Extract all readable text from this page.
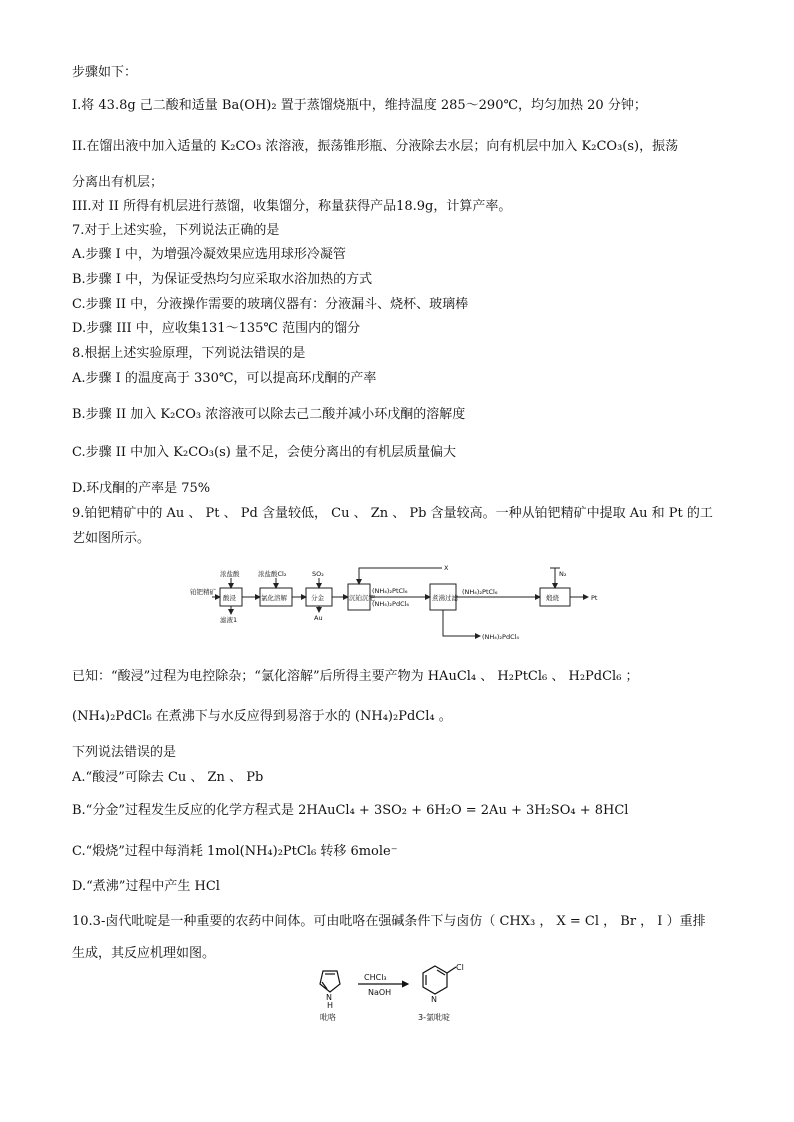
步骤如下：
I.将 43.8g 己二酸和适量 Ba(OH)₂ 置于蒸馏烧瓶中，维持温度 285～290℃，均匀加热 20 分钟；
II.在馏出液中加入适量的 K₂CO₃ 浓溶液，振荡锥形瓶、分液除去水层；向有机层中加入 K₂CO₃(s)，振荡
分离出有机层；
III.对 II 所得有机层进行蒸馏，收集馏分，称量获得产品18.9g，计算产率。
7.对于上述实验，下列说法正确的是
A.步骤 I 中，为增强冷凝效果应选用球形冷凝管
B.步骤 I 中，为保证受热均匀应采取水浴加热的方式
C.步骤 II 中，分液操作需要的玻璃仪器有：分液漏斗、烧杯、玻璃棒
D.步骤 III 中，应收集131～135℃ 范围内的馏分
8.根据上述实验原理，下列说法错误的是
A.步骤 I 的温度高于 330℃，可以提高环戊酮的产率
B.步骤 II 加入 K₂CO₃ 浓溶液可以除去己二酸并减小环戊酮的溶解度
C.步骤 II 中加入 K₂CO₃(s) 量不足，会使分离出的有机层质量偏大
D.环戊酮的产率是 75%
9.铂钯精矿中的 Au 、 Pt 、 Pd 含量较低， Cu 、 Zn 、 Pb 含量较高。一种从铂钯精矿中提取 Au 和 Pt 的工
艺如图所示。
铂钯精矿
浓盐酸
酸浸
滤液1
浓盐酸Cl₂
氯化溶解
SO₂
分金
Au
X
沉铂沉钯
(NH₄)₂PtCl₆
(NH₄)₂PdCl₆
煮沸过滤
(NH₄)₂PtCl₆
N₂
煅烧	Pt
(NH₄)₂PdCl₄
已知：“酸浸”过程为电控除杂；“氯化溶解”后所得主要产物为 HAuCl₄ 、 H₂PtCl₆ 、 H₂PdCl₆ ；
(NH₄)₂PdCl₆ 在煮沸下与水反应得到易溶于水的 (NH₄)₂PdCl₄ 。
下列说法错误的是
A.“酸浸”可除去 Cu 、 Zn 、 Pb
B.“分金”过程发生反应的化学方程式是 2HAuCl₄ + 3SO₂ + 6H₂O = 2Au + 3H₂SO₄ + 8HCl
C.“煅烧”过程中每消耗 1mol(NH₄)₂PtCl₆ 转移 6mole⁻
D.“煮沸”过程中产生 HCl
10.3-卤代吡啶是一种重要的农药中间体。可由吡咯在强碱条件下与卤仿（ CHX₃ ， X = Cl ， Br ， I ）重排
生成，其反应机理如图。
CHCl₃
NaOH
N
H
吡咯
Cl
N
3-氯吡啶
